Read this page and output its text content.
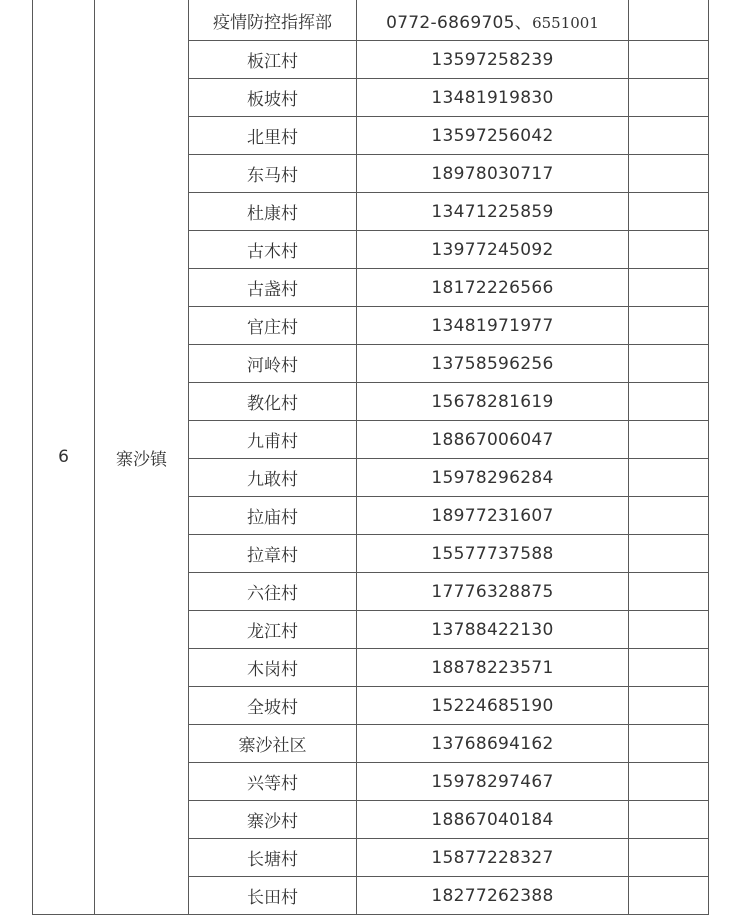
6	寨沙镇	疫情防控指挥部	0772-6869705、6551001	
		板江村	13597258239	
		板坡村	13481919830	
		北里村	13597256042	
		东马村	18978030717	
		杜康村	13471225859	
		古木村	13977245092	
		古盏村	18172226566	
		官庄村	13481971977	
		河岭村	13758596256	
		教化村	15678281619	
		九甫村	18867006047	
		九敢村	15978296284	
		拉庙村	18977231607	
		拉章村	15577737588	
		六往村	17776328875	
		龙江村	13788422130	
		木岗村	18878223571	
		全坡村	15224685190	
		寨沙社区	13768694162	
		兴等村	15978297467	
		寨沙村	18867040184	
		长塘村	15877228327	
		长田村	18277262388	
